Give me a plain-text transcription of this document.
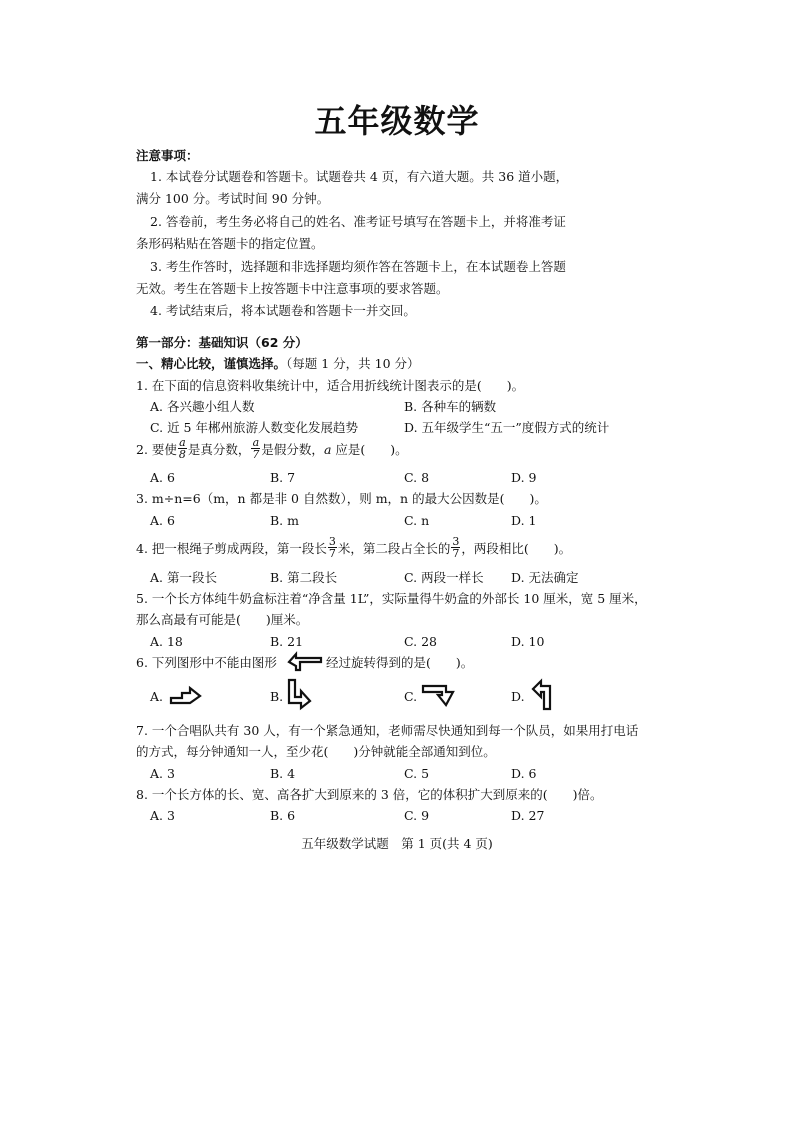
五年级数学
注意事项：
1. 本试卷分试题卷和答题卡。试题卷共 4 页，有六道大题。共 36 道小题，
满分 100 分。考试时间 90 分钟。
2. 答卷前，考生务必将自己的姓名、准考证号填写在答题卡上，并将准考证
条形码粘贴在答题卡的指定位置。
3. 考生作答时，选择题和非选择题均须作答在答题卡上，在本试题卷上答题
无效。考生在答题卡上按答题卡中注意事项的要求答题。
4. 考试结束后，将本试题卷和答题卡一并交回。
第一部分：基础知识（62 分）
一、精心比较，谨慎选择。（每题 1 分，共 10 分）
1. 在下面的信息资料收集统计中，适合用折线统计图表示的是(　　)。
A. 各兴趣小组人数	B. 各种车的辆数
C. 近 5 年郴州旅游人数变化发展趋势	D. 五年级学生“五一”度假方式的统计
2. 要使 $\frac{a}{8}$ 是真分数， $\frac{a}{7}$ 是假分数，a 应是(　　)。
A. 6	B. 7	C. 8	D. 9
3. m÷n=6（m，n 都是非 0 自然数），则 m，n 的最大公因数是(　　)。
A. 6	B. m	C. n	D. 1
4. 把一根绳子剪成两段，第一段长 $\frac{3}{7}$ 米，第二段占全长的 $\frac{3}{7}$ ，两段相比(　　)。
A. 第一段长	B. 第二段长	C. 两段一样长 D. 无法确定
5. 一个长方体纯牛奶盒标注着“净含量 1L”，实际量得牛奶盒的外部长 10 厘米，宽 5 厘米，
那么高最有可能是(　　)厘米。
A. 18	B. 21	C. 28	D. 10
6. 下列图形中不能由图形	经过旋转得到的是(　　)。
A.	B.	C.	D.
7. 一个合唱队共有 30 人，有一个紧急通知，老师需尽快通知到每一个队员，如果用打电话
的方式，每分钟通知一人，至少花(　　)分钟就能全部通知到位。
A. 3	B. 4	C. 5	D. 6
8. 一个长方体的长、宽、高各扩大到原来的 3 倍，它的体积扩大到原来的(　　)倍。
A. 3	B. 6	C. 9	D. 27
五年级数学试题　第 1 页(共 4 页)
